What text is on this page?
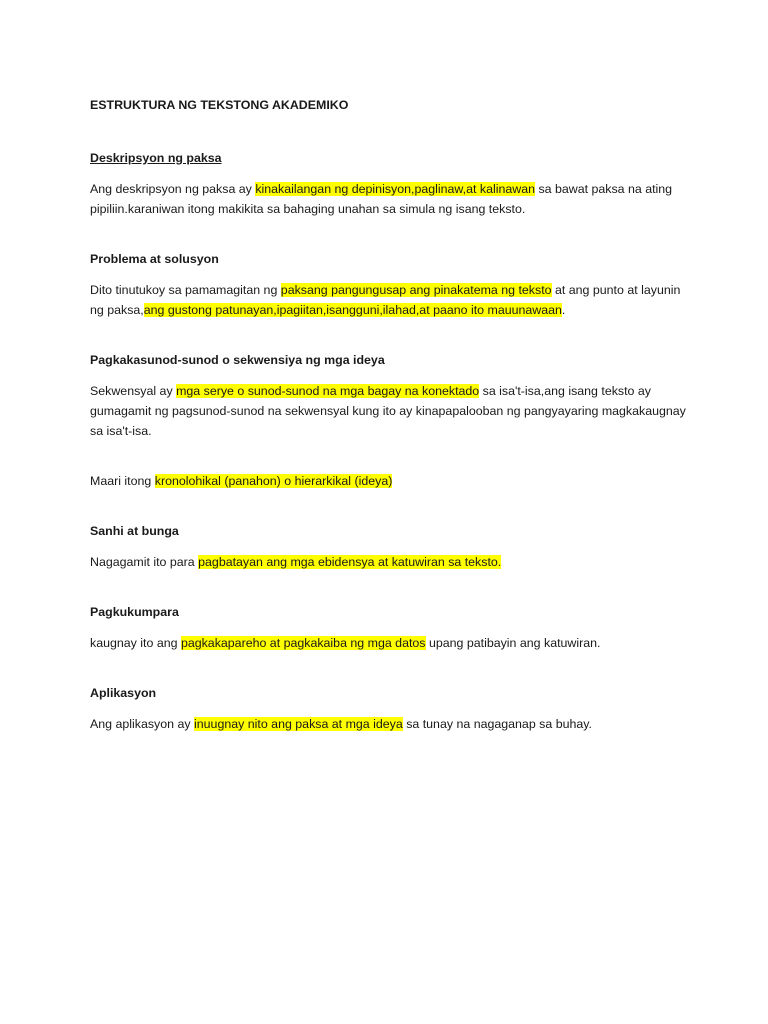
ESTRUKTURA NG TEKSTONG AKADEMIKO
Deskripsyon ng paksa

Ang deskripsyon ng paksa ay kinakailangan ng depinisyon,paglinaw,at kalinawan sa bawat paksa na ating pipiliin.karaniwan itong makikita sa bahaging unahan sa simula ng isang teksto.

Problema at solusyon

Dito tinutukoy sa pamamagitan ng paksang pangungusap ang pinakatema ng teksto at ang punto at layunin ng paksa,ang gustong patunayan,ipagiitan,isangguni,ilahad,at paano ito mauunawaan.

Pagkakasunod-sunod o sekwensiya ng mga ideya

Sekwensyal ay mga serye o sunod-sunod na mga bagay na konektado sa isa't-isa,ang isang teksto ay gumagamit ng pagsunod-sunod na sekwensyal kung ito ay kinapapalooban ng pangyayaring magkakaugnay sa isa't-isa.

Maari itong kronolohikal (panahon) o hierarkikal (ideya)

Sanhi at bunga

Nagagamit ito para pagbatayan ang mga ebidensya at katuwiran sa teksto.

Pagkukumpara

kaugnay ito ang pagkakapareho at pagkakaiba ng mga datos upang patibayin ang katuwiran.

Aplikasyon

Ang aplikasyon ay inuugnay nito ang paksa at mga ideya sa tunay na nagaganap sa buhay.
